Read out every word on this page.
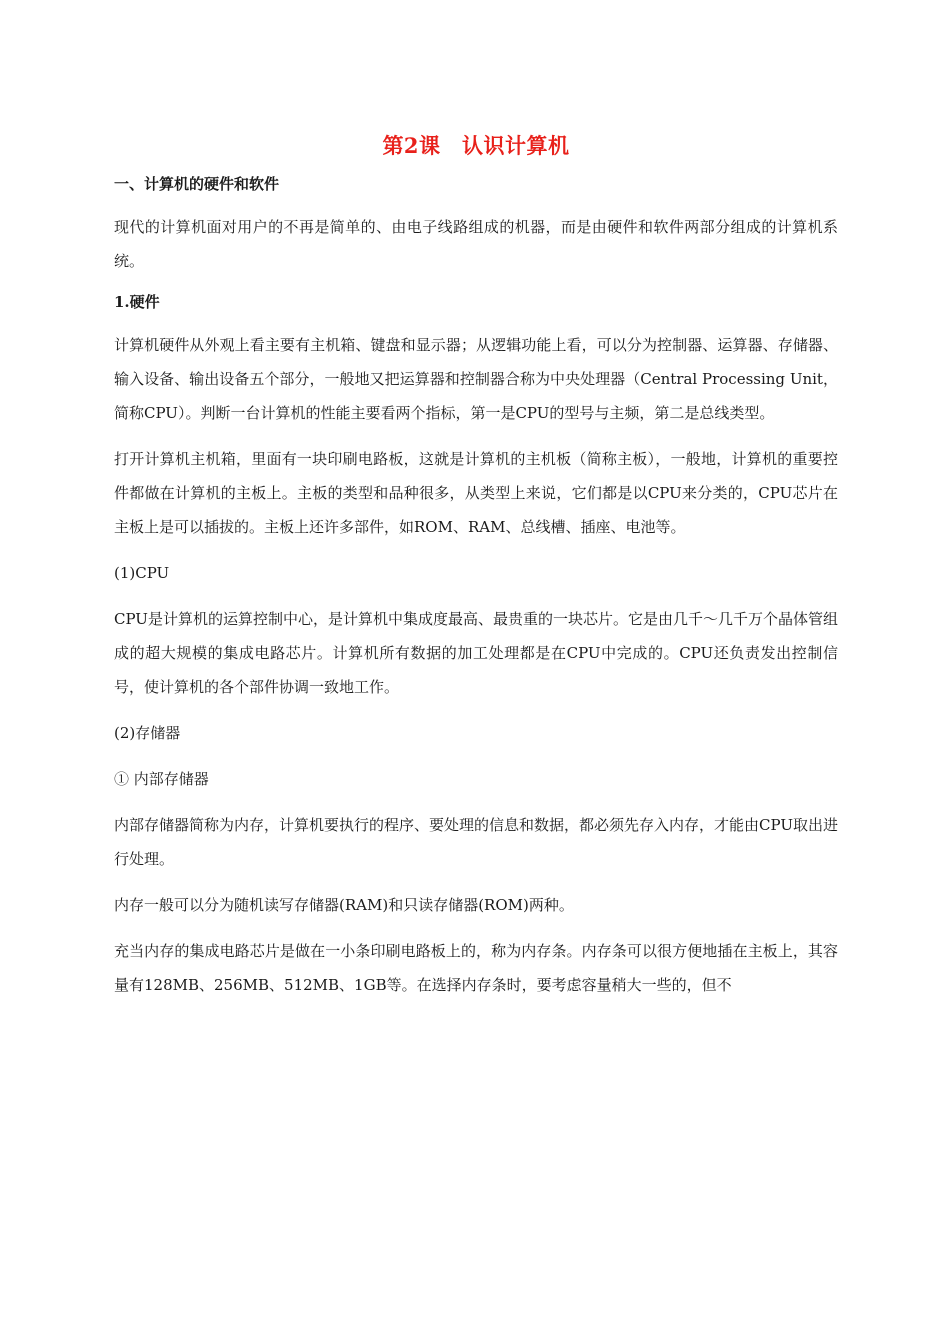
第2课　认识计算机
一、计算机的硬件和软件

现代的计算机面对用户的不再是简单的、由电子线路组成的机器，而是由硬件和软件两部分组成的计算机系统。

1.硬件

计算机硬件从外观上看主要有主机箱、键盘和显示器；从逻辑功能上看，可以分为控制器、运算器、存储器、输入设备、输出设备五个部分，一般地又把运算器和控制器合称为中央处理器（Central Processing Unit，简称CPU）。判断一台计算机的性能主要看两个指标，第一是CPU的型号与主频，第二是总线类型。

打开计算机主机箱，里面有一块印刷电路板，这就是计算机的主机板（简称主板），一般地，计算机的重要控件都做在计算机的主板上。主板的类型和品种很多，从类型上来说，它们都是以CPU来分类的，CPU芯片在主板上是可以插拔的。主板上还许多部件，如ROM、RAM、总线槽、插座、电池等。

(1)CPU

CPU是计算机的运算控制中心，是计算机中集成度最高、最贵重的一块芯片。它是由几千～几千万个晶体管组成的超大规模的集成电路芯片。计算机所有数据的加工处理都是在CPU中完成的。CPU还负责发出控制信号，使计算机的各个部件协调一致地工作。

(2)存储器

① 内部存储器

内部存储器简称为内存，计算机要执行的程序、要处理的信息和数据，都必须先存入内存，才能由CPU取出进行处理。

内存一般可以分为随机读写存储器(RAM)和只读存储器(ROM)两种。

充当内存的集成电路芯片是做在一小条印刷电路板上的，称为内存条。内存条可以很方便地插在主板上，其容量有128MB、256MB、512MB、1GB等。在选择内存条时，要考虑容量稍大一些的，但不
